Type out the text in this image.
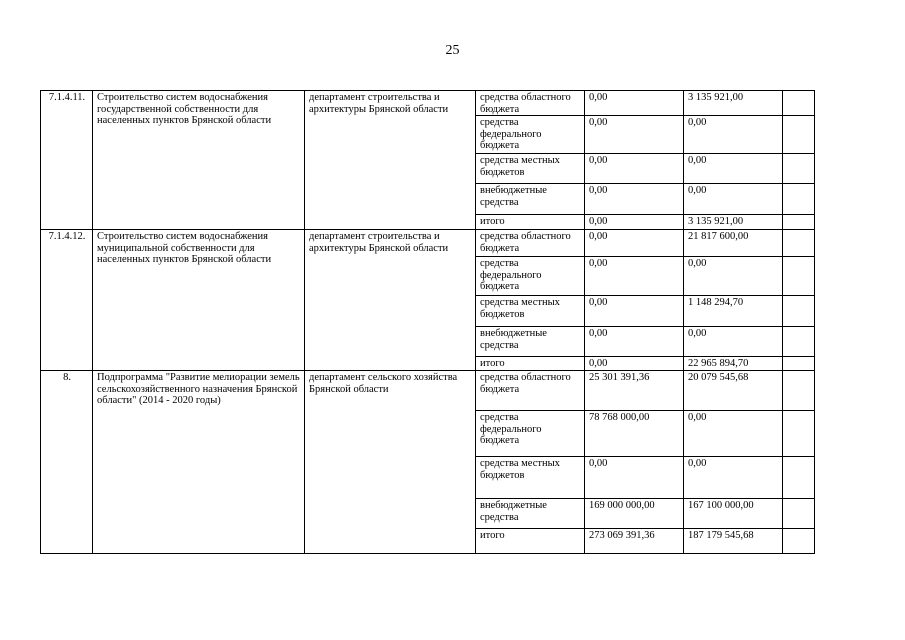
25
7.1.4.11.	Строительство систем водоснабжения государственной собственности для населенных пунктов Брянской области	департамент строительства и архитектуры Брянской области	средства областного бюджета	0,00	3 135 921,00	
			средства федерального бюджета	0,00	0,00	
			средства местных бюджетов	0,00	0,00	
			внебюджетные средства	0,00	0,00	
			итого	0,00	3 135 921,00	
7.1.4.12.	Строительство систем водоснабжения муниципальной собственности для населенных пунктов Брянской области	департамент строительства и архитектуры Брянской области	средства областного бюджета	0,00	21 817 600,00	
			средства федерального бюджета	0,00	0,00	
			средства местных бюджетов	0,00	1 148 294,70	
			внебюджетные средства	0,00	0,00	
			итого	0,00	22 965 894,70	
8.	Подпрограмма "Развитие мелиорации земель сельскохозяйственного назначения Брянской области" (2014 - 2020 годы)	департамент сельского хозяйства Брянской области	средства областного бюджета	25 301 391,36	20 079 545,68	
			средства федерального бюджета	78 768 000,00	0,00	
			средства местных бюджетов	0,00	0,00	
			внебюджетные средства	169 000 000,00	167 100 000,00	
			итого	273 069 391,36	187 179 545,68	
